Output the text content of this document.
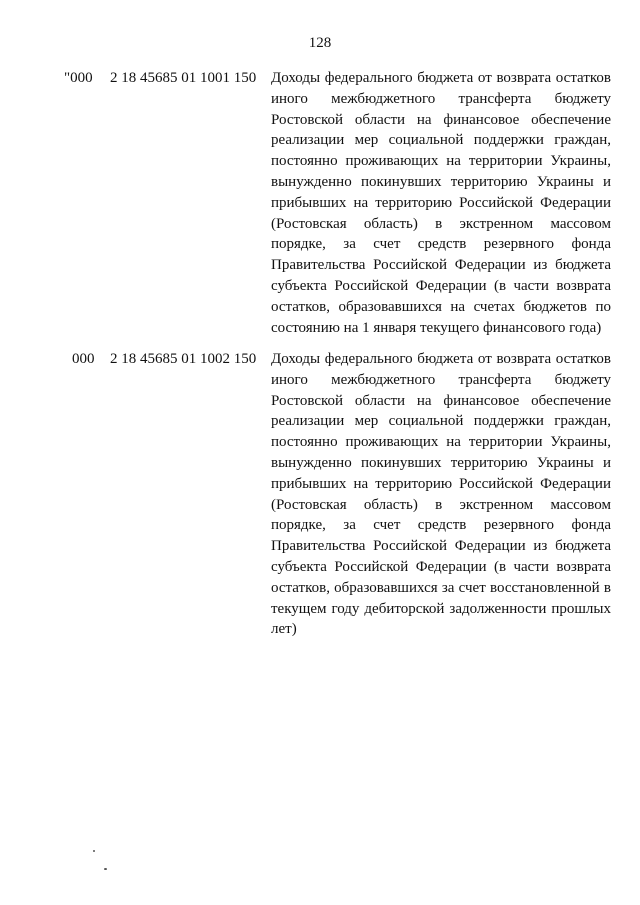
128
"000 2 18 45685 01 1001 150 Доходы федерального бюджета от возврата остатков иного межбюджетного трансферта бюджету Ростовской области на финансовое обеспечение реализации мер социальной поддержки граждан, постоянно проживающих на территории Украины, вынужденно покинувших территорию Украины и прибывших на территорию Российской Федерации (Ростовская область) в экстренном массовом порядке, за счет средств резервного фонда Правительства Российской Федерации из бюджета субъекта Российской Федерации (в части возврата остатков, образовавшихся на счетах бюджетов по состоянию на 1 января текущего финансового года)
000 2 18 45685 01 1002 150 Доходы федерального бюджета от возврата остатков иного межбюджетного трансферта бюджету Ростовской области на финансовое обеспечение реализации мер социальной поддержки граждан, постоянно проживающих на территории Украины, вынужденно покинувших территорию Украины и прибывших на территорию Российской Федерации (Ростовская область) в экстренном массовом порядке, за счет средств резервного фонда Правительства Российской Федерации из бюджета субъекта Российской Федерации (в части возврата остатков, образовавшихся за счет восстановленной в текущем году дебиторской задолженности прошлых лет)
